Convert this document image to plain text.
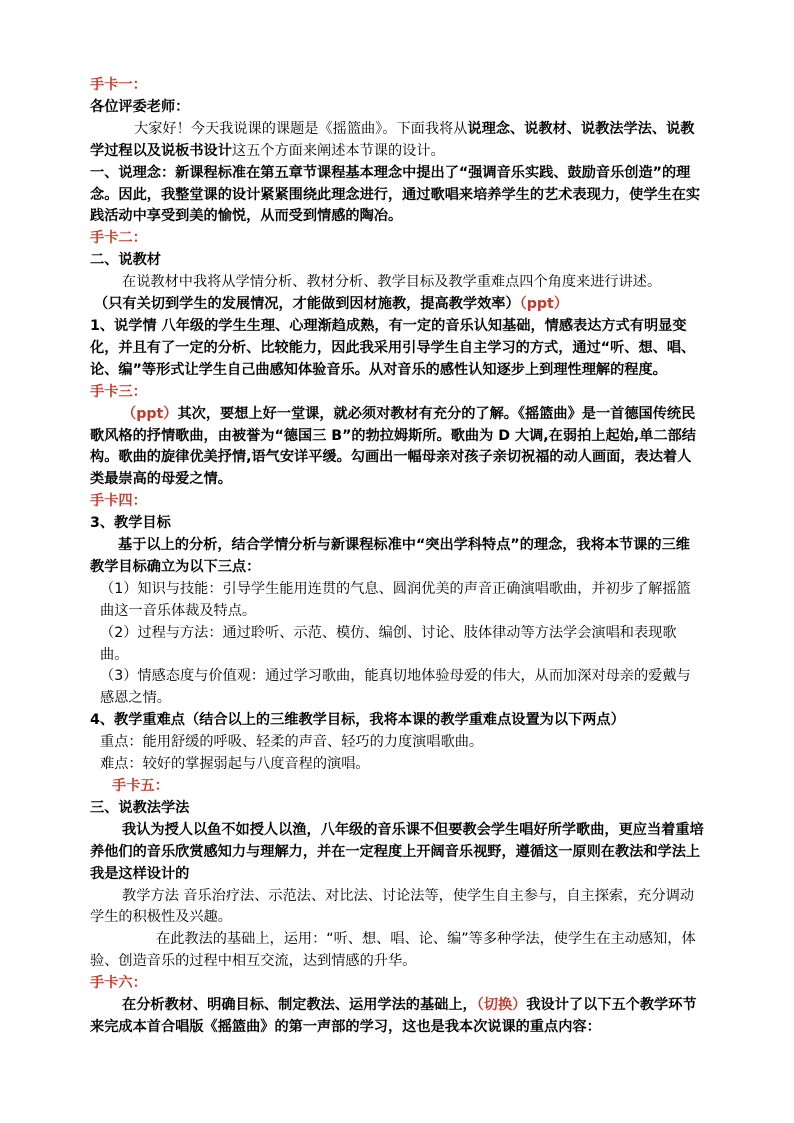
手卡一：

各位评委老师：

大家好！今天我说课的课题是《摇篮曲》。下面我将从说理念、说教材、说教法学法、说教学过程以及说板书设计这五个方面来阐述本节课的设计。

一、说理念：新课程标准在第五章节课程基本理念中提出了“强调音乐实践、鼓励音乐创造”的理念。因此，我整堂课的设计紧紧围绕此理念进行，通过歌唱来培养学生的艺术表现力，使学生在实践活动中享受到美的愉悦，从而受到情感的陶冶。

手卡二：

二、说教材

在说教材中我将从学情分析、教材分析、教学目标及教学重难点四个角度来进行讲述。

（只有关切到学生的发展情况，才能做到因材施教，提高教学效率）（ppt）

1、说学情 八年级的学生生理、心理渐趋成熟，有一定的音乐认知基础，情感表达方式有明显变化，并且有了一定的分析、比较能力，因此我采用引导学生自主学习的方式，通过“听、想、唱、论、编”等形式让学生自己曲感知体验音乐。从对音乐的感性认知逐步上到理性理解的程度。

手卡三：

（ppt）其次，要想上好一堂课，就必须对教材有充分的了解。《摇篮曲》是一首德国传统民歌风格的抒情歌曲，由被誉为“德国三 B”的勃拉姆斯所。歌曲为 D 大调,在弱拍上起始,单二部结构。歌曲的旋律优美抒情,语气安详平缓。勾画出一幅母亲对孩子亲切祝福的动人画面，表达着人类最崇高的母爱之情。

手卡四：

3、教学目标

基于以上的分析，结合学情分析与新课程标准中“突出学科特点”的理念，我将本节课的三维教学目标确立为以下三点：

（1）知识与技能：引导学生能用连贯的气息、圆润优美的声音正确演唱歌曲，并初步了解摇篮曲这一音乐体裁及特点。

（2）过程与方法：通过聆听、示范、模仿、编创、讨论、肢体律动等方法学会演唱和表现歌曲。

（3）情感态度与价值观：通过学习歌曲，能真切地体验母爱的伟大，从而加深对母亲的爱戴与感恩之情。

4、教学重难点（结合以上的三维教学目标，我将本课的教学重难点设置为以下两点）

重点：能用舒缓的呼吸、轻柔的声音、轻巧的力度演唱歌曲。

难点：较好的掌握弱起与八度音程的演唱。

手卡五：

三、说教法学法

我认为授人以鱼不如授人以渔，八年级的音乐课不但要教会学生唱好所学歌曲，更应当着重培养他们的音乐欣赏感知力与理解力，并在一定程度上开阔音乐视野，遵循这一原则在教法和学法上我是这样设计的

教学方法 音乐治疗法、示范法、对比法、讨论法等，使学生自主参与，自主探索，充分调动学生的积极性及兴趣。

在此教法的基础上，运用：“听、想、唱、论、编”等多种学法，使学生在主动感知，体验、创造音乐的过程中相互交流，达到情感的升华。

手卡六：

在分析教材、明确目标、制定教法、运用学法的基础上，（切换）我设计了以下五个教学环节来完成本首合唱版《摇篮曲》的第一声部的学习，这也是我本次说课的重点内容：
